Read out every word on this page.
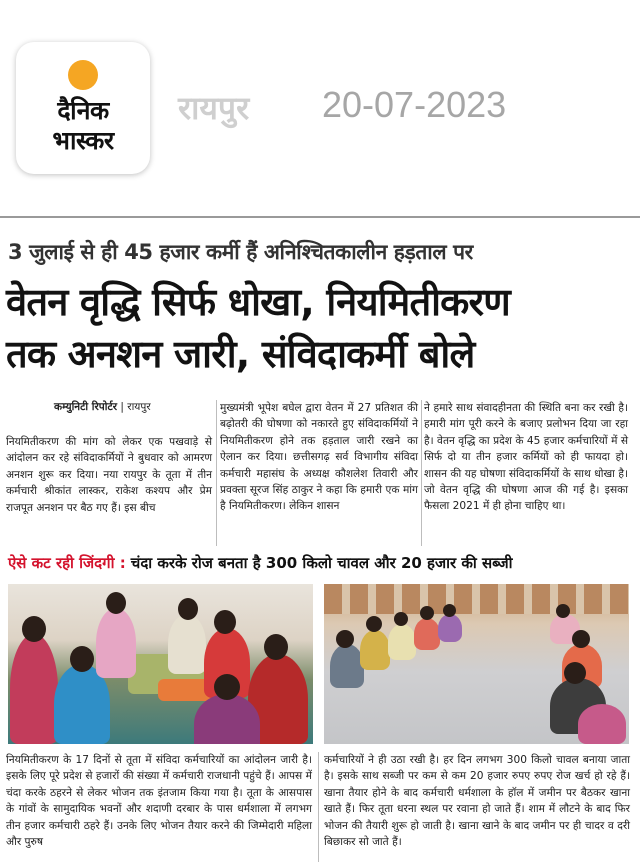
दैनिक
भास्कर
रायपुर 20-07-2023
3 जुलाई से ही 45 हजार कर्मी हैं अनिश्चितकालीन हड़ताल पर
वेतन वृद्धि सिर्फ धोखा, नियमितीकरण
तक अनशन जारी, संविदाकर्मी बोले
कम्युनिटी रिपोर्टर | रायपुर
नियमितीकरण की मांग को लेकर एक पखवाड़े से आंदोलन कर रहे संविदाकर्मियों ने बुधवार को आमरण अनशन शुरू कर दिया। नया रायपुर के तूता में तीन कर्मचारी श्रीकांत लास्कर, राकेश कश्यप और प्रेम राजपूत अनशन पर बैठ गए हैं। इस बीच
मुख्यमंत्री भूपेश बघेल द्वारा वेतन में 27 प्रतिशत की बढ़ोतरी की घोषणा को नकारते हुए संविदाकर्मियों ने नियमितीकरण होने तक हड़ताल जारी रखने का ऐलान कर दिया। छत्तीसगढ़ सर्व विभागीय संविदा कर्मचारी महासंघ के अध्यक्ष कौशलेश तिवारी और प्रवक्ता सूरज सिंह ठाकुर ने कहा कि हमारी एक मांग है नियमितीकरण। लेकिन शासन
ने हमारे साथ संवादहीनता की स्थिति बना कर रखी है। हमारी मांग पूरी करने के बजाए प्रलोभन दिया जा रहा है। वेतन वृद्धि का प्रदेश के 45 हजार कर्मचारियों में से सिर्फ दो या तीन हजार कर्मियों को ही फायदा हो। शासन की यह घोषणा संविदाकर्मियों के साथ धोखा है। जो वेतन वृद्धि की घोषणा आज की गई है। इसका फैसला 2021 में ही होना चाहिए था।
ऐसे कट रही जिंदगी : चंदा करके रोज बनता है 300 किलो चावल और 20 हजार की सब्जी
नियमितीकरण के 17 दिनों से तूता में संविदा कर्मचारियों का आंदोलन जारी है। इसके लिए पूरे प्रदेश से हजारों की संख्या में कर्मचारी राजधानी पहुंचे हैं। आपस में चंदा करके ठहरने से लेकर भोजन तक इंतजाम किया गया है। तूता के आसपास के गांवों के सामुदायिक भवनों और शदाणी दरबार के पास धर्मशाला में लगभग तीन हजार कर्मचारी ठहरे हैं। उनके लिए भोजन तैयार करने की जिम्मेदारी महिला और पुरुष
कर्मचारियों ने ही उठा रखी है। हर दिन लगभग 300 किलो चावल बनाया जाता है। इसके साथ सब्जी पर कम से कम 20 हजार रुपए रुपए रोज खर्च हो रहे हैं। खाना तैयार होने के बाद कर्मचारी धर्मशाला के हॉल में जमीन पर बैठकर खाना खाते हैं। फिर तूता धरना स्थल पर रवाना हो जाते हैं। शाम में लौटने के बाद फिर भोजन की तैयारी शुरू हो जाती है। खाना खाने के बाद जमीन पर ही चादर व दरी बिछाकर सो जाते हैं।
